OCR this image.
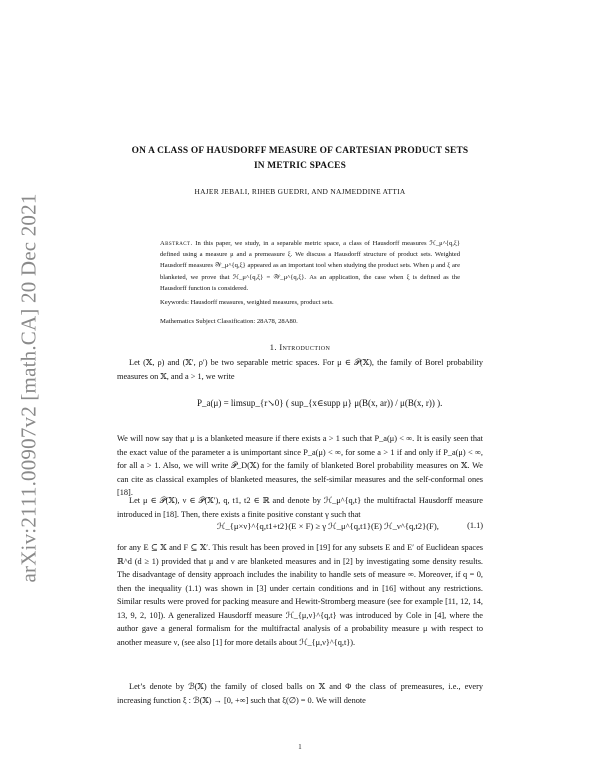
arXiv:2111.00907v2 [math.CA] 20 Dec 2021
ON A CLASS OF HAUSDORFF MEASURE OF CARTESIAN PRODUCT SETS
IN METRIC SPACES
HAJER JEBALI, RIHEB GUEDRI, AND NAJMEDDINE ATTIA
Abstract. In this paper, we study, in a separable metric space, a class of Hausdorff measures ℋ_μ^{q,ξ} defined using a measure μ and a premeasure ξ. We discuss a Hausdorff structure of product sets. Weighted Hausdorff measures 𝒲_μ^{q,ξ} appeared as an important tool when studying the product sets. When μ and ξ are blanketed, we prove that ℋ_μ^{q,ξ} = 𝒲_μ^{q,ξ}. As an application, the case when ξ is defined as the Hausdorff function is considered.
Keywords: Hausdorff measures, weighted measures, product sets.
Mathematics Subject Classification: 28A78, 28A80.
1. Introduction
Let (𝕏, ρ) and (𝕏′, ρ′) be two separable metric spaces. For μ ∈ 𝒫(𝕏), the family of Borel probability measures on 𝕏, and a > 1, we write
P_a(μ) = limsup_{r↘0} ( sup_{x∈supp μ} μ(B(x, ar)) / μ(B(x, r)) ).
We will now say that μ is a blanketed measure if there exists a > 1 such that P_a(μ) < ∞. It is easily seen that the exact value of the parameter a is unimportant since P_a(μ) < ∞, for some a > 1 if and only if P_a(μ) < ∞, for all a > 1. Also, we will write 𝒫_D(𝕏) for the family of blanketed Borel probability measures on 𝕏. We can cite as classical examples of blanketed measures, the self-similar measures and the self-conformal ones [18].
Let μ ∈ 𝒫(𝕏), ν ∈ 𝒫(𝕏′), q, t1, t2 ∈ ℝ and denote by ℋ_μ^{q,t} the multifractal Hausdorff measure introduced in [18]. Then, there exists a finite positive constant γ such that
ℋ_{μ×ν}^{q,t1+t2}(E × F) ≥ γ ℋ_μ^{q,t1}(E) ℋ_ν^{q,t2}(F),	(1.1)
for any E ⊆ 𝕏 and F ⊆ 𝕏′. This result has been proved in [19] for any subsets E and E′ of Euclidean spaces ℝ^d (d ≥ 1) provided that μ and ν are blanketed measures and in [2] by investigating some density results. The disadvantage of density approach includes the inability to handle sets of measure ∞. Moreover, if q = 0, then the inequality (1.1) was shown in [3] under certain conditions and in [16] without any restrictions. Similar results were proved for packing measure and Hewitt-Stromberg measure (see for example [11, 12, 14, 13, 9, 2, 10]). A generalized Hausdorff measure ℋ_{μ,ν}^{q,t} was introduced by Cole in [4], where the author gave a general formalism for the multifractal analysis of a probability measure μ with respect to another measure ν, (see also [1] for more details about ℋ_{μ,ν}^{q,t}).
Let’s denote by ℬ(𝕏) the family of closed balls on 𝕏 and Φ the class of premeasures, i.e., every increasing function ξ : ℬ(𝕏) → [0, +∞] such that ξ(∅) = 0. We will denote
1
